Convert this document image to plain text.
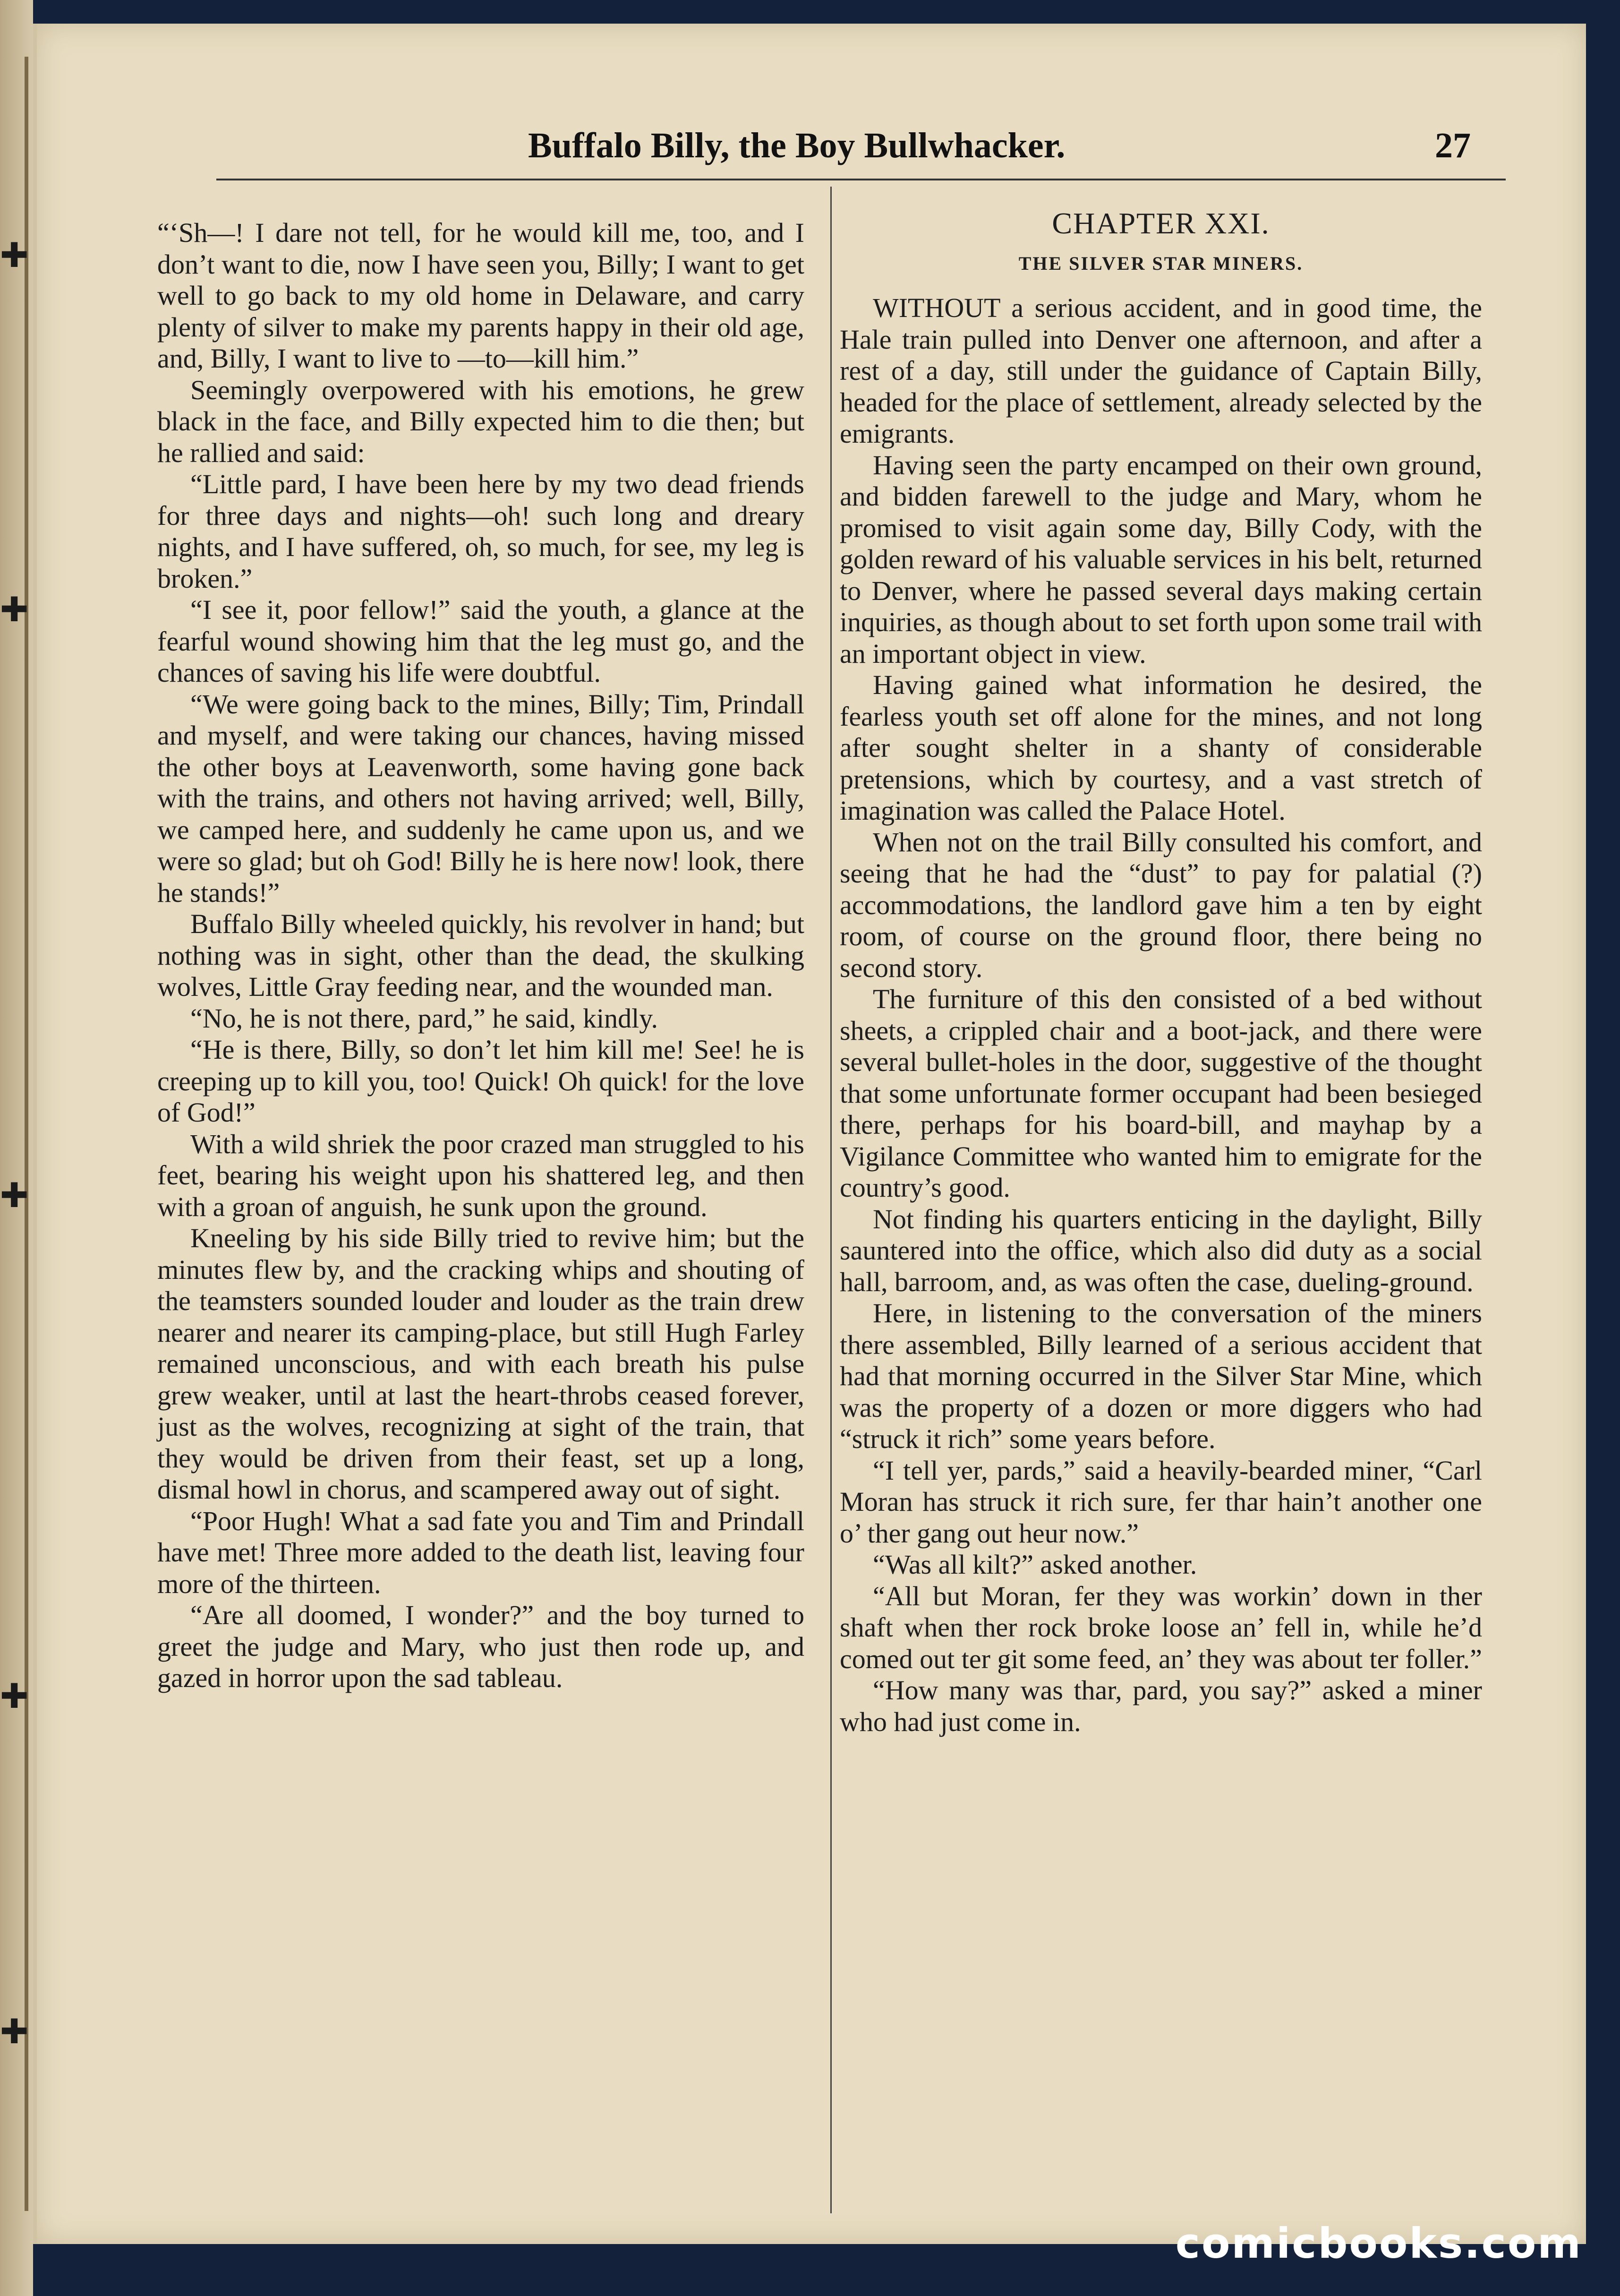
✚
✚
✚
✚
✚
Buffalo Billy, the Boy Bullwhacker.	27

“‘Sh—! I dare not tell, for he would kill me, too, and I don’t want to die, now I have seen you, Billy; I want to get well to go back to my old home in Delaware, and carry plenty of silver to make my parents happy in their old age, and, Billy, I want to live to —to—kill him.”

Seemingly overpowered with his emotions, he grew black in the face, and Billy expected him to die then; but he rallied and said:

“Little pard, I have been here by my two dead friends for three days and nights—oh! such long and dreary nights, and I have suffered, oh, so much, for see, my leg is broken.”

“I see it, poor fellow!” said the youth, a glance at the fearful wound showing him that the leg must go, and the chances of saving his life were doubtful.

“We were going back to the mines, Billy; Tim, Prindall and myself, and were taking our chances, having missed the other boys at Leavenworth, some having gone back with the trains, and others not having arrived; well, Billy, we camped here, and suddenly he came upon us, and we were so glad; but oh God! Billy he is here now! look, there he stands!”

Buffalo Billy wheeled quickly, his revolver in hand; but nothing was in sight, other than the dead, the skulking wolves, Little Gray feeding near, and the wounded man.

“No, he is not there, pard,” he said, kindly.

“He is there, Billy, so don’t let him kill me! See! he is creeping up to kill you, too! Quick! Oh quick! for the love of God!”

With a wild shriek the poor crazed man struggled to his feet, bearing his weight upon his shattered leg, and then with a groan of anguish, he sunk upon the ground.

Kneeling by his side Billy tried to revive him; but the minutes flew by, and the cracking whips and shouting of the teamsters sounded louder and louder as the train drew nearer and nearer its camping-place, but still Hugh Farley remained unconscious, and with each breath his pulse grew weaker, until at last the heart-throbs ceased forever, just as the wolves, recognizing at sight of the train, that they would be driven from their feast, set up a long, dismal howl in chorus, and scampered away out of sight.

“Poor Hugh! What a sad fate you and Tim and Prindall have met! Three more added to the death list, leaving four more of the thirteen.

“Are all doomed, I wonder?” and the boy turned to greet the judge and Mary, who just then rode up, and gazed in horror upon the sad tableau.

CHAPTER XXI.
THE SILVER STAR MINERS.

WITHOUT a serious accident, and in good time, the Hale train pulled into Denver one afternoon, and after a rest of a day, still under the guidance of Captain Billy, headed for the place of settlement, already selected by the emigrants.

Having seen the party encamped on their own ground, and bidden farewell to the judge and Mary, whom he promised to visit again some day, Billy Cody, with the golden reward of his valuable services in his belt, returned to Denver, where he passed several days making certain inquiries, as though about to set forth upon some trail with an important object in view.

Having gained what information he desired, the fearless youth set off alone for the mines, and not long after sought shelter in a shanty of considerable pretensions, which by courtesy, and a vast stretch of imagination was called the Palace Hotel.

When not on the trail Billy consulted his comfort, and seeing that he had the “dust” to pay for palatial (?) accommodations, the landlord gave him a ten by eight room, of course on the ground floor, there being no second story.

The furniture of this den consisted of a bed without sheets, a crippled chair and a boot-jack, and there were several bullet-holes in the door, suggestive of the thought that some unfortunate former occupant had been besieged there, perhaps for his board-bill, and mayhap by a Vigilance Committee who wanted him to emigrate for the country’s good.

Not finding his quarters enticing in the daylight, Billy sauntered into the office, which also did duty as a social hall, barroom, and, as was often the case, dueling-ground.

Here, in listening to the conversation of the miners there assembled, Billy learned of a serious accident that had that morning occurred in the Silver Star Mine, which was the property of a dozen or more diggers who had “struck it rich” some years before.

“I tell yer, pards,” said a heavily-bearded miner, “Carl Moran has struck it rich sure, fer thar hain’t another one o’ ther gang out heur now.”

“Was all kilt?” asked another.

“All but Moran, fer they was workin’ down in ther shaft when ther rock broke loose an’ fell in, while he’d comed out ter git some feed, an’ they was about ter foller.”

“How many was thar, pard, you say?” asked a miner who had just come in.

comicbooks.com
